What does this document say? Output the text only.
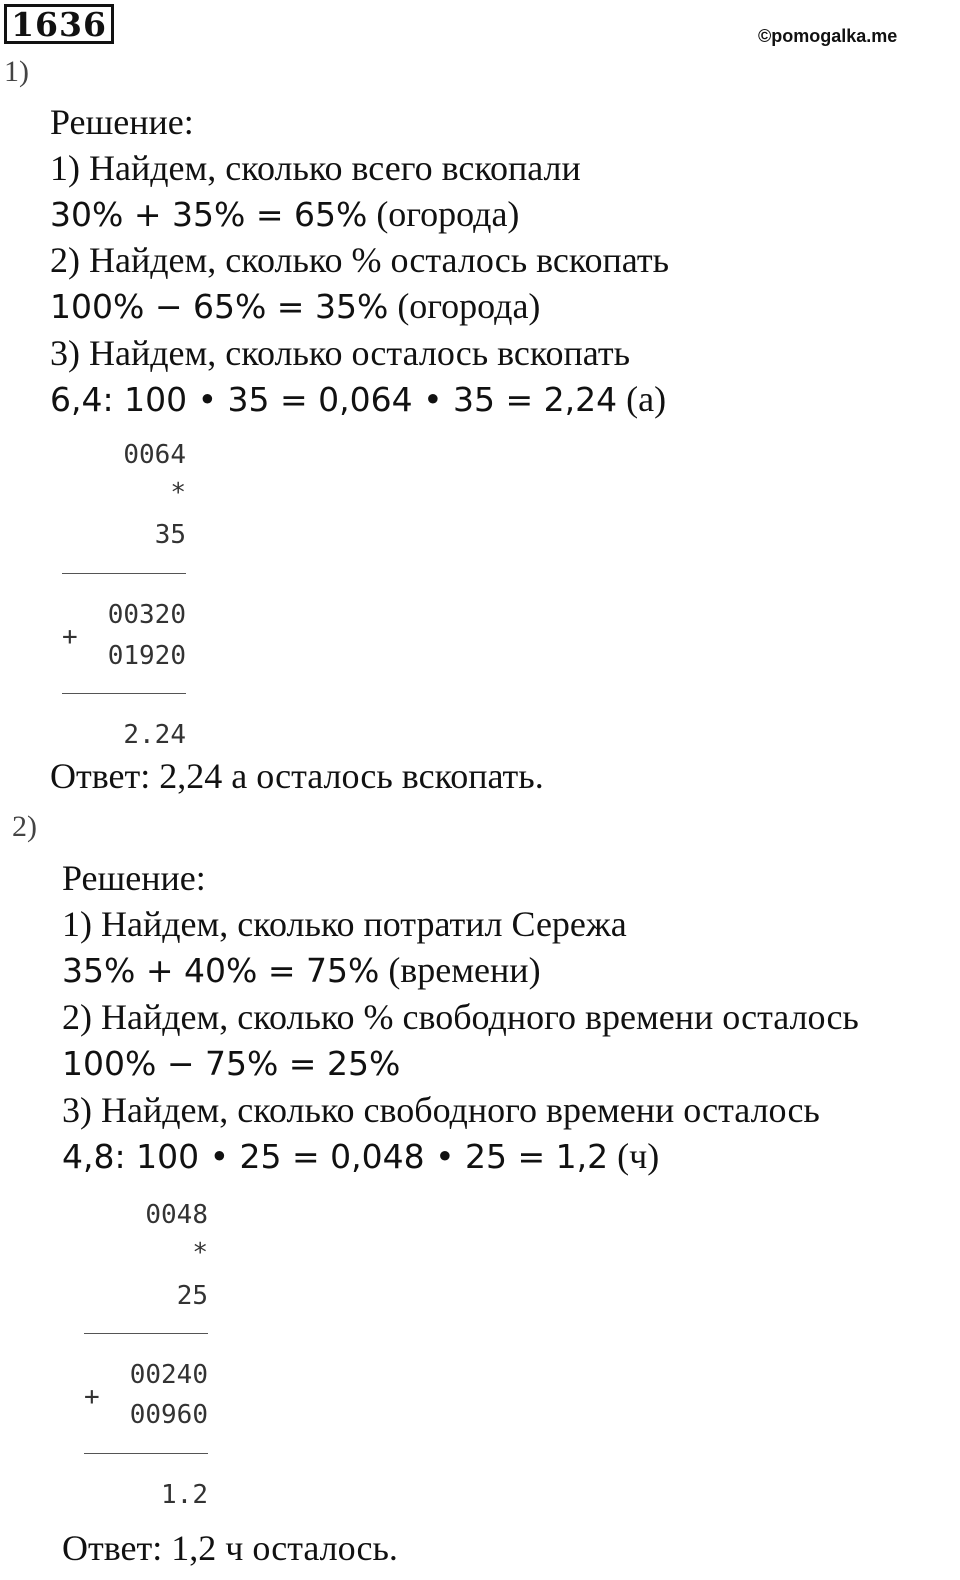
1636	©pomogalka.me
1)
Решение:
1) Найдем, сколько всего вскопали
30% + 35% = 65% (огорода)
2) Найдем, сколько % осталось вскопать
100% − 65% = 35% (огорода)
3) Найдем, сколько осталось вскопать
6,4: 100 • 35 = 0,064 • 35 = 2,24 (а)
0064
*
35
00320
+
01920
2.24
Ответ: 2,24 а осталось вскопать.
2)
Решение:
1) Найдем, сколько потратил Сережа
35% + 40% = 75% (времени)
2) Найдем, сколько % свободного времени осталось
100% − 75% = 25%
3) Найдем, сколько свободного времени осталось
4,8: 100 • 25 = 0,048 • 25 = 1,2 (ч)
0048
*
25
00240
+
00960
1.2
Ответ: 1,2 ч осталось.
